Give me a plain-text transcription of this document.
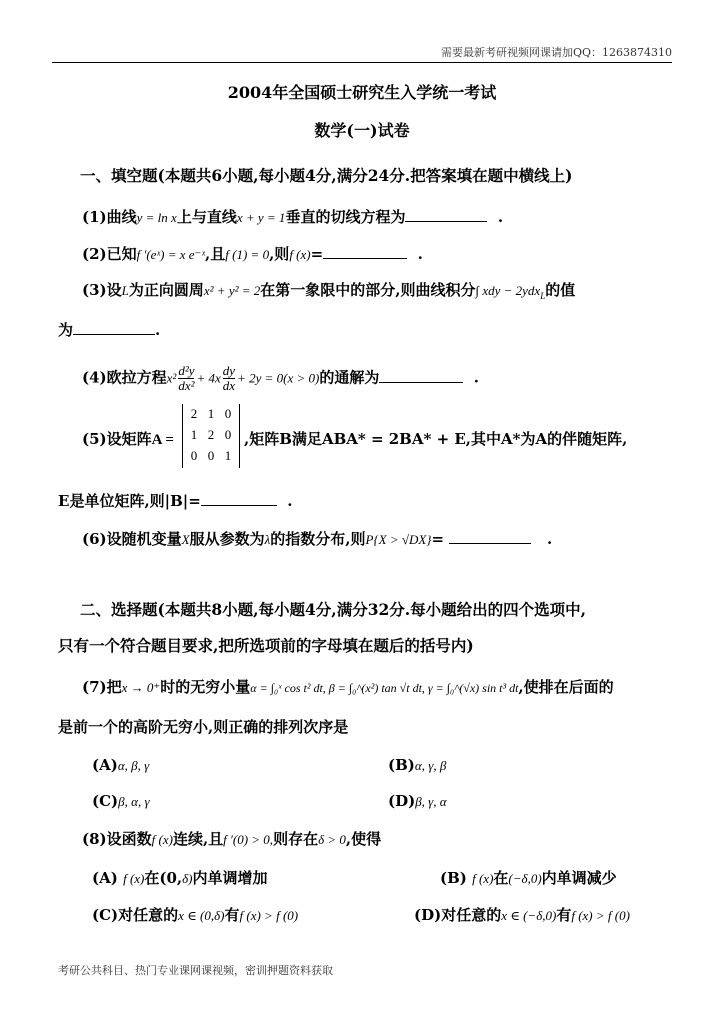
需要最新考研视频网课请加QQ：1263874310
2004年全国硕士研究生入学统一考试
数学(一)试卷
一、填空题(本题共6小题,每小题4分,满分24分.把答案填在题中横线上)
(1)曲线y = ln x上与直线x + y = 1垂直的切线方程为	.
(2)已知f ′(eˣ) = x e⁻ˣ,且f (1) = 0,则f (x)=	.
(3)设L为正向圆周x² + y² = 2在第一象限中的部分,则曲线积分∫ xdy − 2ydx$_L$的值
为	.
(4)欧拉方程$x^2 \frac{\text{d²y}}{\text{dx²}} + 4x \frac{dy}{dx} + 2y = 0(x > 0)$的通解为	.
(5)设矩阵A =
2 1 0
1 2 0
0 0 1
,矩阵B满足ABA* = 2BA* + E,其中A*为A的伴随矩阵,
E是单位矩阵,则|B|=	.
(6)设随机变量X服从参数为λ的指数分布,则P{X > √DX}=	.
二、选择题(本题共8小题,每小题4分,满分32分.每小题给出的四个选项中,
只有一个符合题目要求,把所选项前的字母填在题后的括号内)
(7)把x → 0⁺时的无穷小量α = ∫₀ˣ cos t² dt, β = ∫₀^(x²) tan √t dt, γ = ∫₀^(√x) sin t³ dt,使排在后面的
是前一个的高阶无穷小,则正确的排列次序是
(A)α, β, γ	(B)α, γ, β
(C)β, α, γ	(D)β, γ, α
(8)设函数f (x)连续,且f ′(0) > 0,则存在δ > 0,使得
(A) f (x)在(0,δ)内单调增加	(B) f (x)在(−δ,0)内单调减少
(C)对任意的x ∈ (0,δ)有f (x) > f (0)	(D)对任意的x ∈ (−δ,0)有f (x) > f (0)
考研公共科目、热门专业课网课视频，密训押题资料获取
